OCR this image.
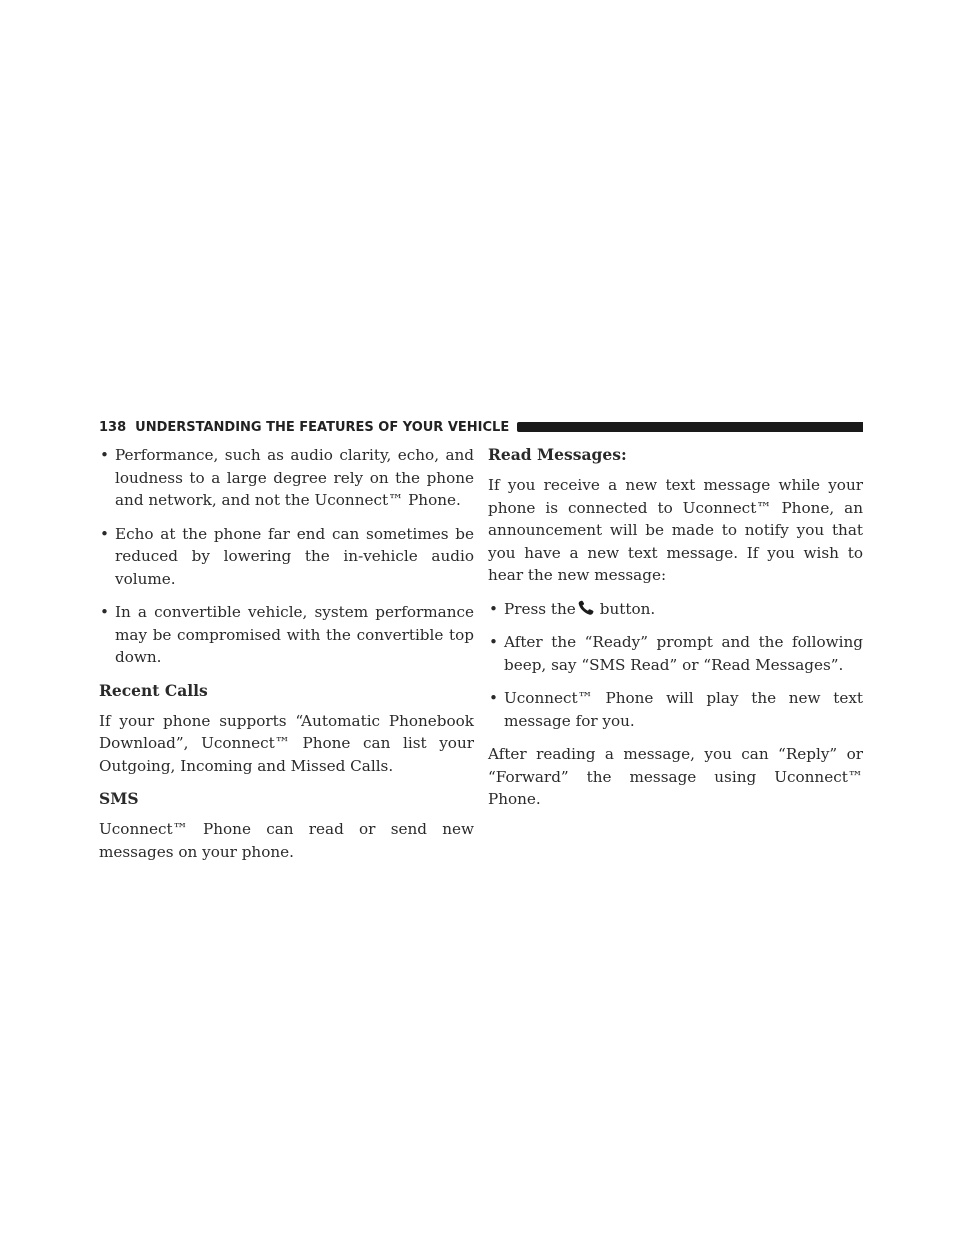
138 UNDERSTANDING THE FEATURES OF YOUR VEHICLE
• Performance, such as audio clarity, echo, and loudness to a large degree rely on the phone and network, and not the Uconnect™ Phone.
• Echo at the phone far end can sometimes be reduced by lowering the in-vehicle audio volume.
• In a convertible vehicle, system performance may be compromised with the convertible top down.
Recent Calls

If your phone supports “Automatic Phonebook Download”, Uconnect™ Phone can list your Outgoing, Incoming and Missed Calls.

SMS

Uconnect™ Phone can read or send new messages on your phone.

Read Messages:

If you receive a new text message while your phone is connected to Uconnect™ Phone, an announcement will be made to notify you that you have a new text message. If you wish to hear the new message:

• Press the button.
• After the “Ready” prompt and the following beep, say “SMS Read” or “Read Messages”.
• Uconnect™ Phone will play the new text message for you.

After reading a message, you can “Reply” or “Forward” the message using Uconnect™ Phone.
